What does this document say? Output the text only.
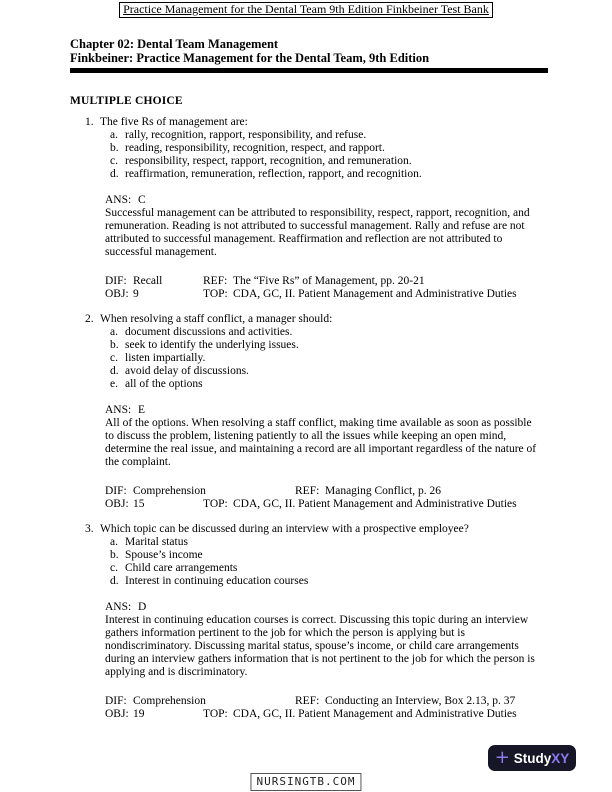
Practice Management for the Dental Team 9th Edition Finkbeiner Test Bank
Chapter 02: Dental Team Management
Finkbeiner: Practice Management for the Dental Team, 9th Edition
MULTIPLE CHOICE
1. The five Rs of management are:
a. rally, recognition, rapport, responsibility, and refuse.
b. reading, responsibility, recognition, respect, and rapport.
c. responsibility, respect, rapport, recognition, and remuneration.
d. reaffirmation, remuneration, reflection, rapport, and recognition.
ANS: C
Successful management can be attributed to responsibility, respect, rapport, recognition, and
remuneration. Reading is not attributed to successful management. Rally and refuse are not
attributed to successful management. Reaffirmation and reflection are not attributed to
successful management.
DIF: Recall	REF: The “Five Rs” of Management, pp. 20-21
OBJ: 9	TOP: CDA, GC, II. Patient Management and Administrative Duties
2. When resolving a staff conflict, a manager should:
a. document discussions and activities.
b. seek to identify the underlying issues.
c. listen impartially.
d. avoid delay of discussions.
e. all of the options
ANS: E
All of the options. When resolving a staff conflict, making time available as soon as possible
to discuss the problem, listening patiently to all the issues while keeping an open mind,
determine the real issue, and maintaining a record are all important regardless of the nature of
the complaint.
DIF: Comprehension	REF: Managing Conflict, p. 26
OBJ: 15	TOP: CDA, GC, II. Patient Management and Administrative Duties
3. Which topic can be discussed during an interview with a prospective employee?
a. Marital status
b. Spouse’s income
c. Child care arrangements
d. Interest in continuing education courses
ANS: D
Interest in continuing education courses is correct. Discussing this topic during an interview
gathers information pertinent to the job for which the person is applying but is
nondiscriminatory. Discussing marital status, spouse’s income, or child care arrangements
during an interview gathers information that is not pertinent to the job for which the person is
applying and is discriminatory.
DIF: Comprehension	REF: Conducting an Interview, Box 2.13, p. 37
OBJ: 19	TOP: CDA, GC, II. Patient Management and Administrative Duties
+ Study XY
NURSINGTB.COM
